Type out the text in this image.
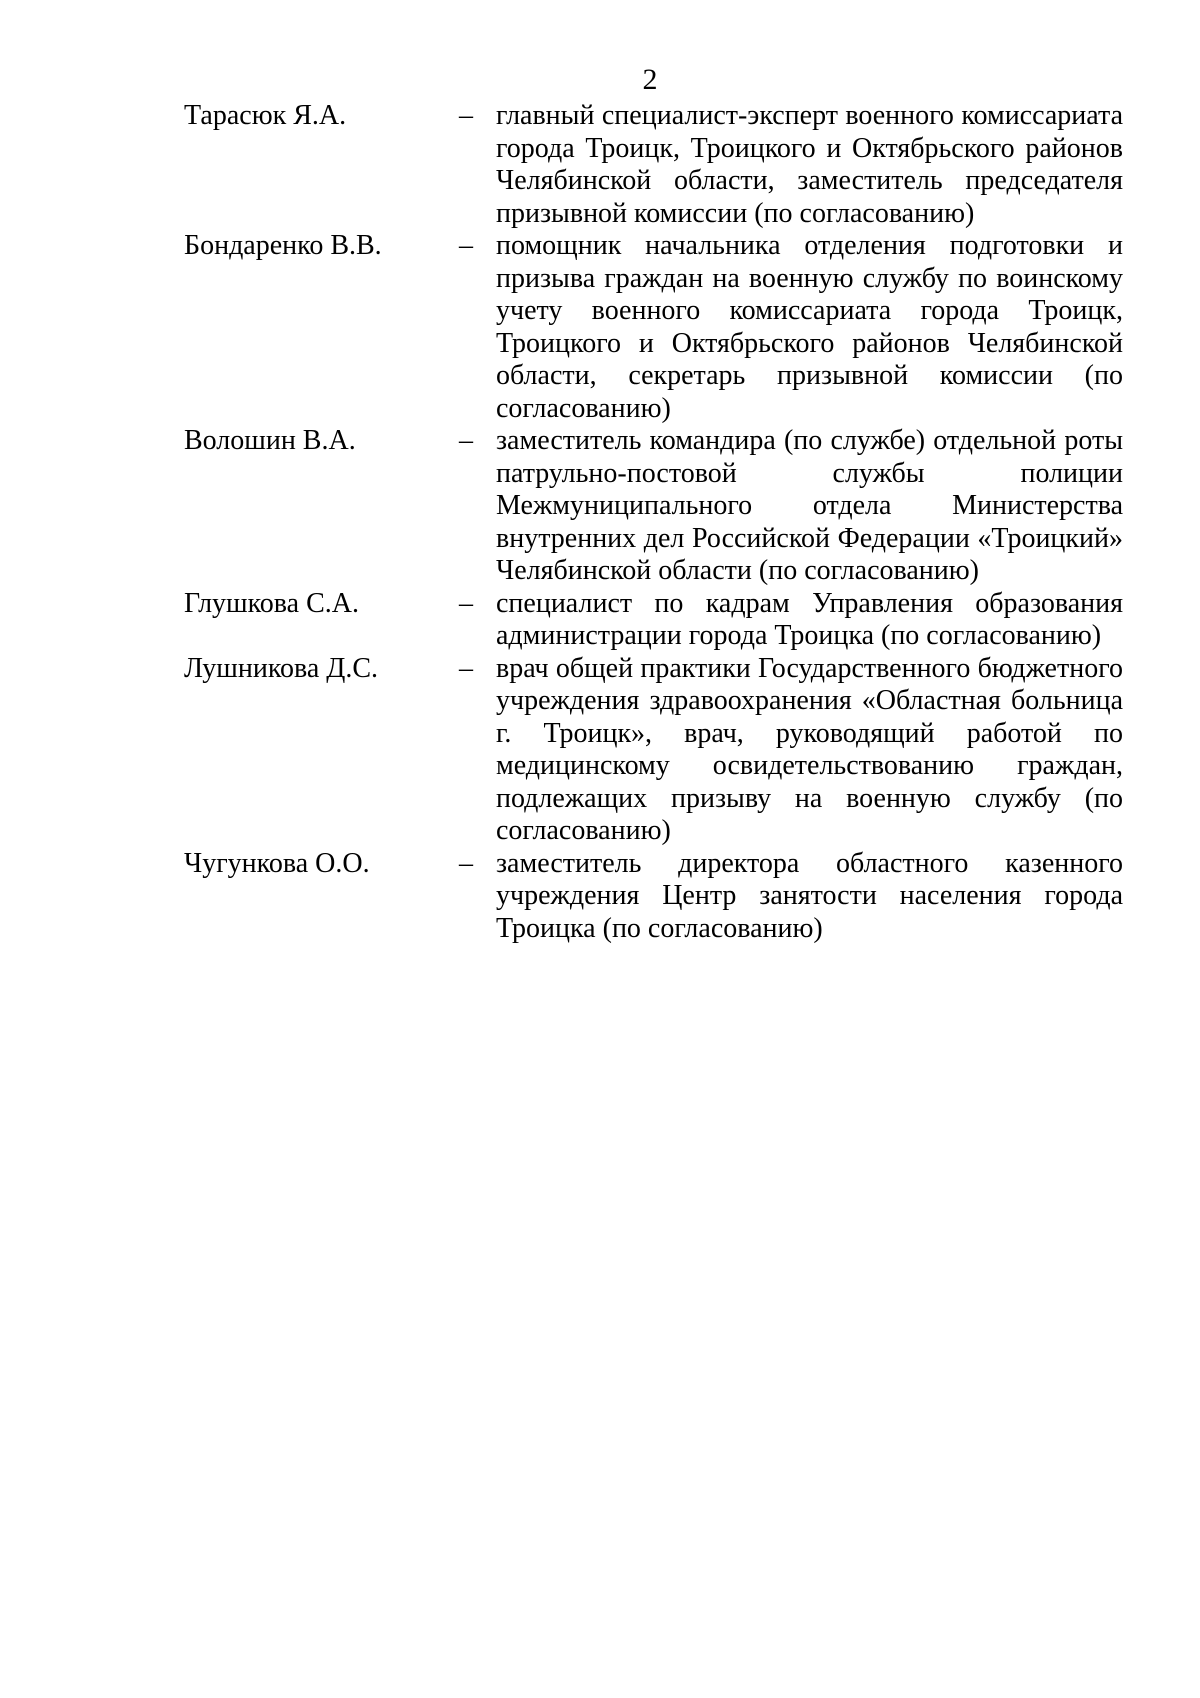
2
Тарасюк Я.А.	– главный специалист-эксперт военного комиссариата города Троицк, Троицкого и Октябрьского районов Челябинской области, заместитель председателя призывной комиссии (по согласованию)
Бондаренко В.В.	– помощник начальника отделения подготовки и призыва граждан на военную службу по воинскому учету военного комиссариата города Троицк, Троицкого и Октябрьского районов Челябинской области, секретарь призывной комиссии (по согласованию)
Волошин В.А.	– заместитель командира (по службе) отдельной роты патрульно-постовой службы полиции Межмуниципального отдела Министерства внутренних дел Российской Федерации «Троицкий» Челябинской области (по согласованию)
Глушкова С.А.	– специалист по кадрам Управления образования администрации города Троицка (по согласованию)
Лушникова Д.С.	– врач общей практики Государственного бюджетного учреждения здравоохранения «Областная больница г. Троицк», врач, руководящий работой по медицинскому освидетельствованию граждан, подлежащих призыву на военную службу (по согласованию)
Чугункова О.О.	– заместитель директора областного казенного учреждения Центр занятости населения города Троицка (по согласованию)
